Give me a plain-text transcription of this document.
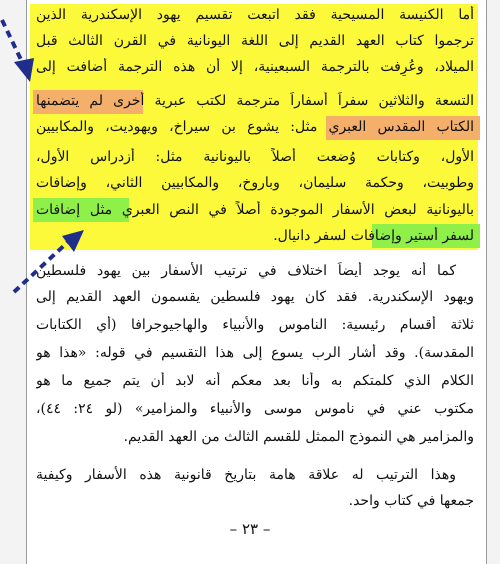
أما الكنيسة المسيحية فقد اتبعت تقسيم يهود الإسكندرية الذين
ترجموا كتاب العهد القديم إلى اللغة اليونانية في القرن الثالث قبل
الميلاد، وعُرِفت بالترجمة السبعينية، إلا أن هذه الترجمة أضافت إلى
التسعة والثلاثين سفراً أسفاراً مترجمة لكتب عبرية أخرى لم يتضمنها
الكتاب المقدس العبري مثل: يشوع بن سيراخ، ويهوديت، والمكابيين
الأول، وكتابات وُضعت أصلاً باليونانية مثل: أزدراس الأول،
وطوبيت، وحكمة سليمان، وباروخ، والمكابيين الثاني، وإضافات
باليونانية لبعض الأسفار الموجودة أصلاً في النص العبري مثل إضافات
لسفر أستير وإضافات لسفر دانيال.
كما أنه يوجد أيضاً اختلاف في ترتيب الأسفار بين يهود فلسطين
ويهود الإسكندرية. فقد كان يهود فلسطين يقسمون العهد القديم إلى
ثلاثة أقسام رئيسية: الناموس والأنبياء والهاجيوجرافا (أي الكتابات
المقدسة). وقد أشار الرب يسوع إلى هذا التقسيم في قوله: «هذا هو
الكلام الذي كلمتكم به وأنا بعد معكم أنه لابد أن يتم جميع ما هو
مكتوب عني في ناموس موسى والأنبياء والمزامير» (لو ٢٤: ٤٤)،
والمزامير هي النموذج الممثل للقسم الثالث من العهد القديم.
وهذا الترتيب له علاقة هامة بتاريخ قانونية هذه الأسفار وكيفية
جمعها في كتاب واحد.
– ٢٣ –
